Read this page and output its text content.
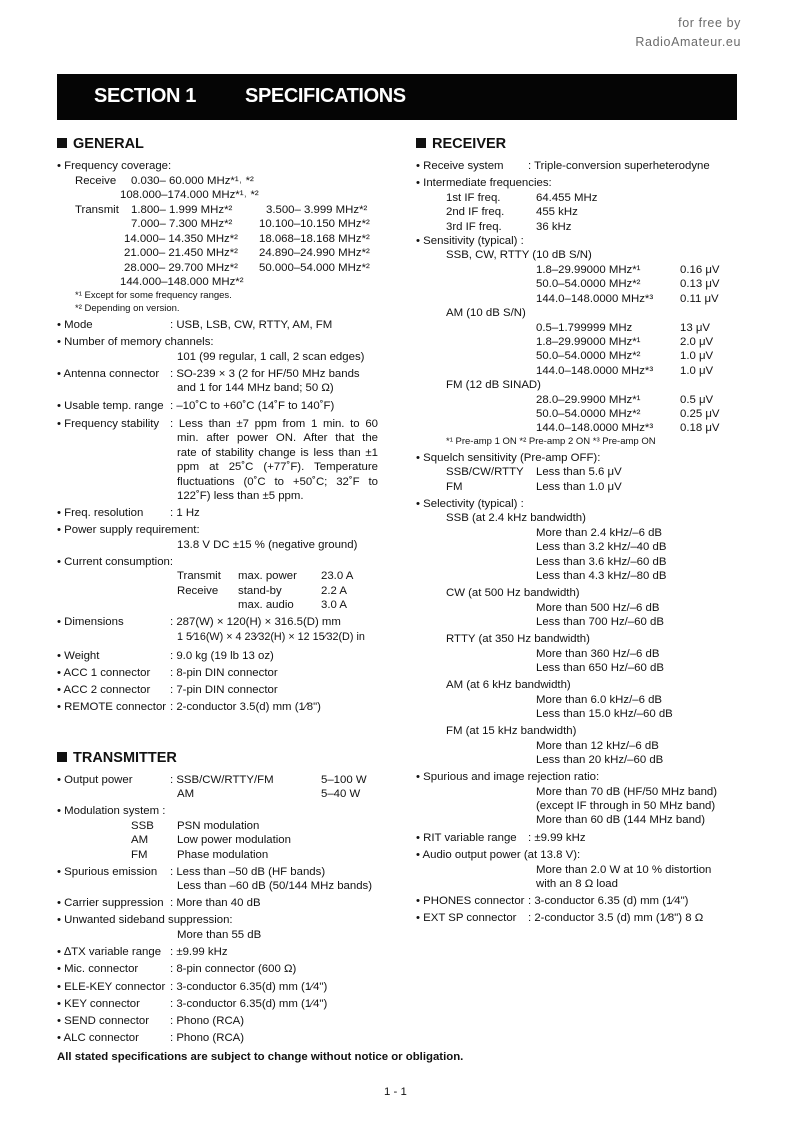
for free by
RadioAmateur.eu
SECTION 1 SPECIFICATIONS
GENERAL
• Frequency coverage:
Receive 0.030– 60.000 MHz*¹˒ *²
108.000–174.000 MHz*¹˒ *²
Transmit 1.800– 1.999 MHz*²	3.500– 3.999 MHz*²
7.000– 7.300 MHz*² 10.100–10.150 MHz*²
14.000– 14.350 MHz*² 18.068–18.168 MHz*²
21.000– 21.450 MHz*² 24.890–24.990 MHz*²
28.000– 29.700 MHz*² 50.000–54.000 MHz*²
144.000–148.000 MHz*²
*¹ Except for some frequency ranges.
*² Depending on version.
• Mode	: USB, LSB, CW, RTTY, AM, FM
• Number of memory channels:
101 (99 regular, 1 call, 2 scan edges)
• Antenna connector : SO-239 × 3 (2 for HF/50 MHz bands
and 1 for 144 MHz band; 50 Ω)
• Usable temp. range : –10˚C to +60˚C (14˚F to 140˚F)
• Frequency stability : Less than ±7 ppm from 1 min. to 60
min. after power ON. After that the
rate of stability change is less than ±1
ppm at 25˚C (+77˚F). Temperature
fluctuations (0˚C to +50˚C; 32˚F to
122˚F) less than ±5 ppm.
• Freq. resolution : 1 Hz
• Power supply requirement:
13.8 V DC ±15 % (negative ground)
• Current consumption:
Transmit max. power 23.0 A
Receive stand-by	2.2 A
max. audio 3.0 A
• Dimensions	: 287(W) × 120(H) × 316.5(D) mm
1 5⁄16(W) × 4 23⁄32(H) × 12 15⁄32(D) in
• Weight	: 9.0 kg (19 lb 13 oz)
• ACC 1 connector : 8-pin DIN connector
• ACC 2 connector : 7-pin DIN connector
• REMOTE connector : 2-conductor 3.5(d) mm (1⁄8")
TRANSMITTER
• Output power	: SSB/CW/RTTY/FM	5–100 W
AM	5–40 W
• Modulation system :
SSB PSN modulation
AM	Low power modulation
FM	Phase modulation
• Spurious emission : Less than –50 dB (HF bands)
Less than –60 dB (50/144 MHz bands)
• Carrier suppression : More than 40 dB
• Unwanted sideband suppression:
More than 55 dB
• ∆TX variable range : ±9.99 kHz
• Mic. connector	: 8-pin connector (600 Ω)
• ELE-KEY connector : 3-conductor 6.35(d) mm (1⁄4")
• KEY connector	: 3-conductor 6.35(d) mm (1⁄4")
• SEND connector : Phono (RCA)
• ALC connector	: Phono (RCA)
RECEIVER
• Receive system : Triple-conversion superheterodyne
• Intermediate frequencies:
1st IF freq.	64.455 MHz
2nd IF freq.	455 kHz
3rd IF freq.	36 kHz
• Sensitivity (typical) :
SSB, CW, RTTY (10 dB S/N)
1.8–29.99000 MHz*¹	0.16 μV
50.0–54.0000 MHz*²	0.13 μV
144.0–148.0000 MHz*³ 0.11 μV
AM (10 dB S/N)
0.5–1.799999 MHz	13 μV
1.8–29.99000 MHz*¹	2.0 μV
50.0–54.0000 MHz*²	1.0 μV
144.0–148.0000 MHz*³ 1.0 μV
FM (12 dB SINAD)
28.0–29.9900 MHz*¹	0.5 μV
50.0–54.0000 MHz*²	0.25 μV
144.0–148.0000 MHz*³ 0.18 μV
*¹ Pre-amp 1 ON *² Pre-amp 2 ON *³ Pre-amp ON
• Squelch sensitivity (Pre-amp OFF):
SSB/CW/RTTY Less than 5.6 μV
FM	Less than 1.0 μV
• Selectivity (typical) :
SSB (at 2.4 kHz bandwidth)
More than 2.4 kHz/–6 dB
Less than 3.2 kHz/–40 dB
Less than 3.6 kHz/–60 dB
Less than 4.3 kHz/–80 dB
CW (at 500 Hz bandwidth)
More than 500 Hz/–6 dB
Less than 700 Hz/–60 dB
RTTY (at 350 Hz bandwidth)
More than 360 Hz/–6 dB
Less than 650 Hz/–60 dB
AM (at 6 kHz bandwidth)
More than 6.0 kHz/–6 dB
Less than 15.0 kHz/–60 dB
FM (at 15 kHz bandwidth)
More than 12 kHz/–6 dB
Less than 20 kHz/–60 dB
• Spurious and image rejection ratio:
More than 70 dB (HF/50 MHz band)
(except IF through in 50 MHz band)
More than 60 dB (144 MHz band)
• RIT variable range : ±9.99 kHz
• Audio output power (at 13.8 V):
More than 2.0 W at 10 % distortion
with an 8 Ω load
• PHONES connector : 3-conductor 6.35 (d) mm (1⁄4")
• EXT SP connector : 2-conductor 3.5 (d) mm (1⁄8") 8 Ω
All stated specifications are subject to change without notice or obligation.
1 - 1
